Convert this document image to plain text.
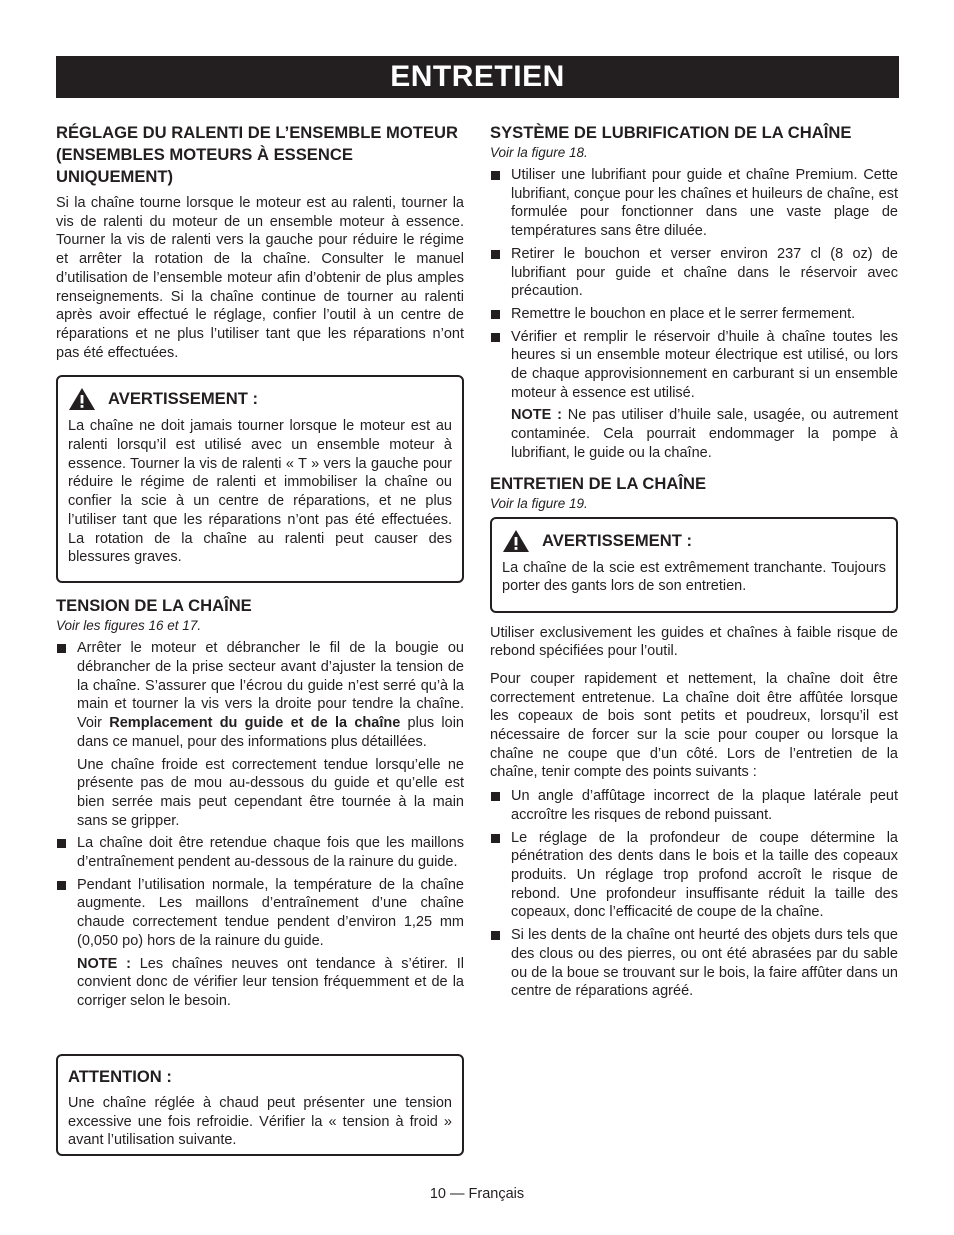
ENTRETIEN

RÉGLAGE DU RALENTI DE L’ENSEMBLE MOTEUR (ENSEMBLES MOTEURS À ESSENCE UNIQUEMENT)

Si la chaîne tourne lorsque le moteur est au ralenti, tourner la vis de ralenti du moteur de un ensemble moteur à essence. Tourner la vis de ralenti vers la gauche pour réduire le régime et arrêter la rotation de la chaîne. Consulter le manuel d’utilisation de l’ensemble moteur afin d’obtenir de plus amples renseignements. Si la chaîne continue de tourner au ralenti après avoir effectué le réglage, confier l’outil à un centre de réparations et ne plus l’utiliser tant que les réparations n’ont pas été effectuées.

AVERTISSEMENT :

La chaîne ne doit jamais tourner lorsque le moteur est au ralenti lorsqu’il est utilisé avec un ensemble moteur à essence. Tourner la vis de ralenti « T » vers la gauche pour réduire le régime de ralenti et immobiliser la chaîne ou confier la scie à un centre de réparations, et ne plus l’utiliser tant que les réparations n’ont pas été effectuées. La rotation de la chaîne au ralenti peut causer des blessures graves.

TENSION DE LA CHAÎNE

Voir les figures 16 et 17.

Arrêter le moteur et débrancher le fil de la bougie ou débrancher de la prise secteur avant d’ajuster la tension de la chaîne. S’assurer que l’écrou du guide n’est serré qu’à la main et tourner la vis vers la droite pour tendre la chaîne. Voir Remplacement du guide et de la chaîne plus loin dans ce manuel, pour des informations plus détaillées.
Une chaîne froide est correctement tendue lorsqu’elle ne présente pas de mou au-dessous du guide et qu’elle est bien serrée mais peut cependant être tournée à la main sans se gripper.
La chaîne doit être retendue chaque fois que les maillons d’entraînement pendent au-dessous de la rainure du guide.
Pendant l’utilisation normale, la température de la chaîne augmente. Les maillons d’entraînement d’une chaîne chaude correctement tendue pendent d’environ 1,25 mm (0,050 po) hors de la rainure du guide.
NOTE : Les chaînes neuves ont tendance à s’étirer. Il convient donc de vérifier leur tension fréquemment et de la corriger selon le besoin.
ATTENTION :

Une chaîne réglée à chaud peut présenter une tension excessive une fois refroidie. Vérifier la « tension à froid » avant l’utilisation suivante.

SYSTÈME DE LUBRIFICATION DE LA CHAÎNE

Voir la figure 18.

Utiliser une lubrifiant pour guide et chaîne Premium. Cette lubrifiant, conçue pour les chaînes et huileurs de chaîne, est formulée pour fonctionner dans une vaste plage de températures sans être diluée.
Retirer le bouchon et verser environ 237 cl (8 oz) de lubrifiant pour guide et chaîne dans le réservoir avec précaution.
Remettre le bouchon en place et le serrer fermement.
Vérifier et remplir le réservoir d’huile à chaîne toutes les heures si un ensemble moteur électrique est utilisé, ou lors de chaque approvisionnement en carburant si un ensemble moteur à essence est utilisé.
NOTE : Ne pas utiliser d’huile sale, usagée, ou autrement contaminée. Cela pourrait endommager la pompe à lubrifiant, le guide ou la chaîne.

ENTRETIEN DE LA CHAÎNE

Voir la figure 19.

AVERTISSEMENT :

La chaîne de la scie est extrêmement tranchante. Toujours porter des gants lors de son entretien.

Utiliser exclusivement les guides et chaînes à faible risque de rebond spécifiées pour l’outil.

Pour couper rapidement et nettement, la chaîne doit être correctement entretenue. La chaîne doit être affûtée lorsque les copeaux de bois sont petits et poudreux, lorsqu’il est nécessaire de forcer sur la scie pour couper ou lorsque la chaîne ne coupe que d’un côté. Lors de l’entretien de la chaîne, tenir compte des points suivants :

Un angle d’affûtage incorrect de la plaque latérale peut accroître les risques de rebond puissant.
Le réglage de la profondeur de coupe détermine la pénétration des dents dans le bois et la taille des copeaux produits. Un réglage trop profond accroît le risque de rebond. Une profondeur insuffisante réduit la taille des copeaux, donc l’efficacité de coupe de la chaîne.
Si les dents de la chaîne ont heurté des objets durs tels que des clous ou des pierres, ou ont été abrasées par du sable ou de la boue se trouvant sur le bois, la faire affûter dans un centre de réparations agréé.
10 — Français
